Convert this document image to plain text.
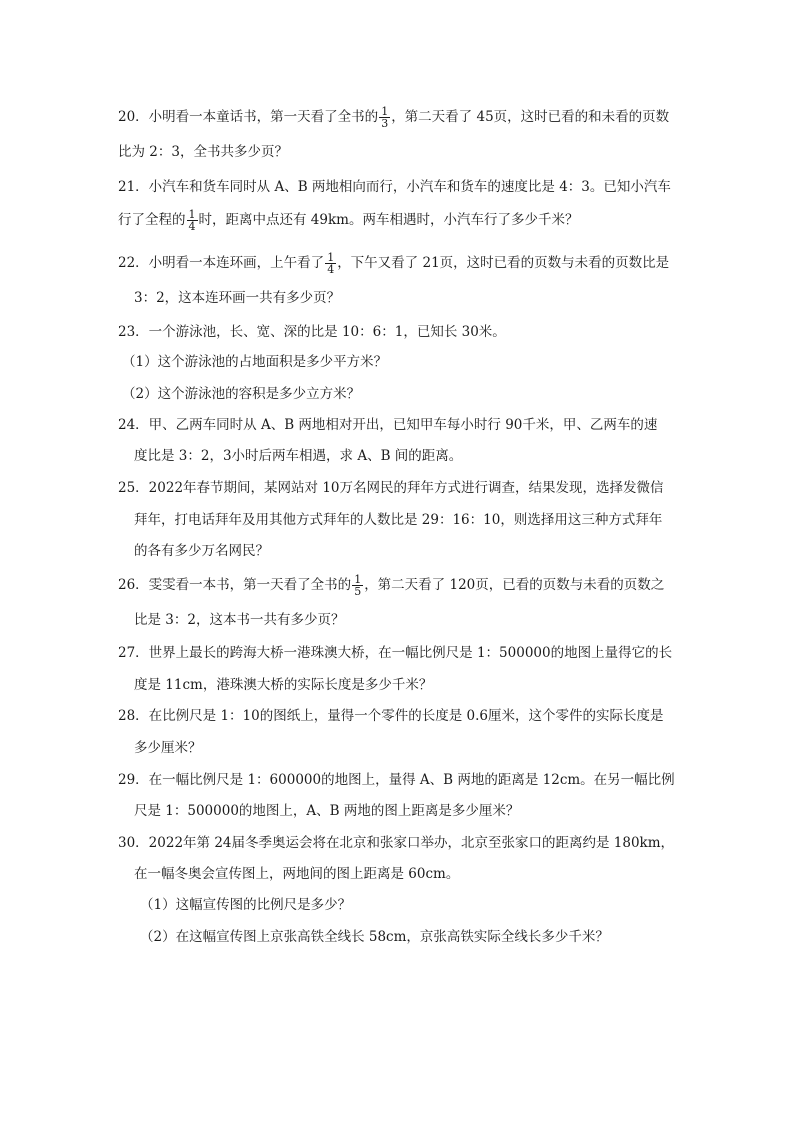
20．小明看一本童话书，第一天看了全书的 $\frac{1}{3}$ ，第二天看了 45页，这时已看的和未看的页数
比为 2：3，全书共多少页？
21．小汽车和货车同时从 A、B 两地相向而行，小汽车和货车的速度比是 4：3。已知小汽车
行了全程的 $\frac{1}{4}$ 时，距离中点还有 49km。两车相遇时，小汽车行了多少千米？
22．小明看一本连环画，上午看了 $\frac{1}{4}$ ，下午又看了 21页，这时已看的页数与未看的页数比是
3：2，这本连环画一共有多少页？
23．一个游泳池，长、宽、深的比是 10：6：1，已知长 30米。
（1）这个游泳池的占地面积是多少平方米？
（2）这个游泳池的容积是多少立方米？
24．甲、乙两车同时从 A、B 两地相对开出，已知甲车每小时行 90千米，甲、乙两车的速
度比是 3：2，3小时后两车相遇，求 A、B 间的距离。
25．2022年春节期间，某网站对 10万名网民的拜年方式进行调查，结果发现，选择发微信
拜年，打电话拜年及用其他方式拜年的人数比是 29：16：10，则选择用这三种方式拜年
的各有多少万名网民？
26．雯雯看一本书，第一天看了全书的 $\frac{1}{5}$ ，第二天看了 120页，已看的页数与未看的页数之
比是 3：2，这本书一共有多少页？
27．世界上最长的跨海大桥一港珠澳大桥，在一幅比例尺是 1：500000的地图上量得它的长
度是 11cm，港珠澳大桥的实际长度是多少千米？
28．在比例尺是 1：10的图纸上，量得一个零件的长度是 0.6厘米，这个零件的实际长度是
多少厘米？
29．在一幅比例尺是 1：600000的地图上，量得 A、B 两地的距离是 12cm。在另一幅比例
尺是 1：500000的地图上，A、B 两地的图上距离是多少厘米？
30．2022年第 24届冬季奥运会将在北京和张家口举办，北京至张家口的距离约是 180km，
在一幅冬奥会宣传图上，两地间的图上距离是 60cm。
（1）这幅宣传图的比例尺是多少？
（2）在这幅宣传图上京张高铁全线长 58cm，京张高铁实际全线长多少千米？
